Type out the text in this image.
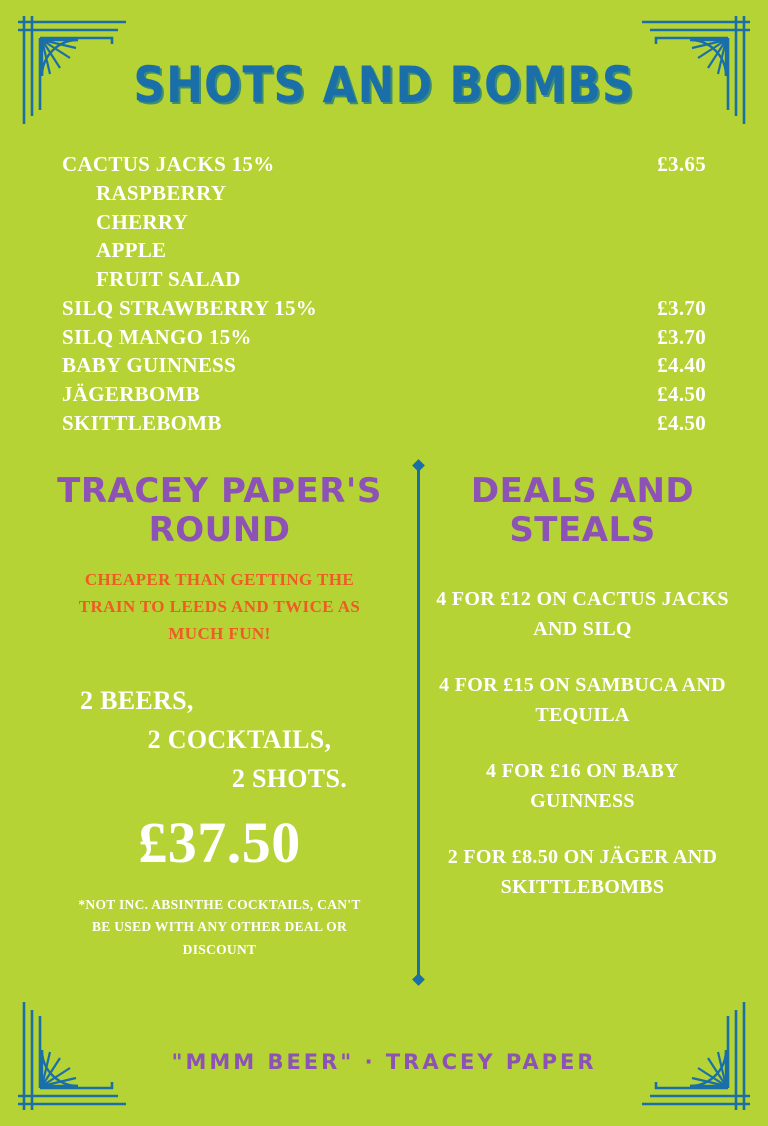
SHOTS AND BOMBS
CACTUS JACKS 15%	£3.65
RASPBERRY
CHERRY
APPLE
FRUIT SALAD
SILQ STRAWBERRY 15%	£3.70
SILQ MANGO 15%	£3.70
BABY GUINNESS	£4.40
JÄGERBOMB	£4.50
SKITTLEBOMB	£4.50
TRACEY PAPER'S
ROUND
CHEAPER THAN GETTING THE TRAIN TO LEEDS AND TWICE AS MUCH FUN!
2 BEERS,
2 COCKTAILS,
2 SHOTS.
£37.50
*NOT INC. ABSINTHE COCKTAILS, CAN'T BE USED WITH ANY OTHER DEAL OR DISCOUNT
DEALS AND
STEALS
4 FOR £12 ON CACTUS JACKS AND SILQ
4 FOR £15 ON SAMBUCA AND TEQUILA
4 FOR £16 ON BABY GUINNESS
2 FOR £8.50 ON JÄGER AND SKITTLEBOMBS
"MMM BEER" · TRACEY PAPER
